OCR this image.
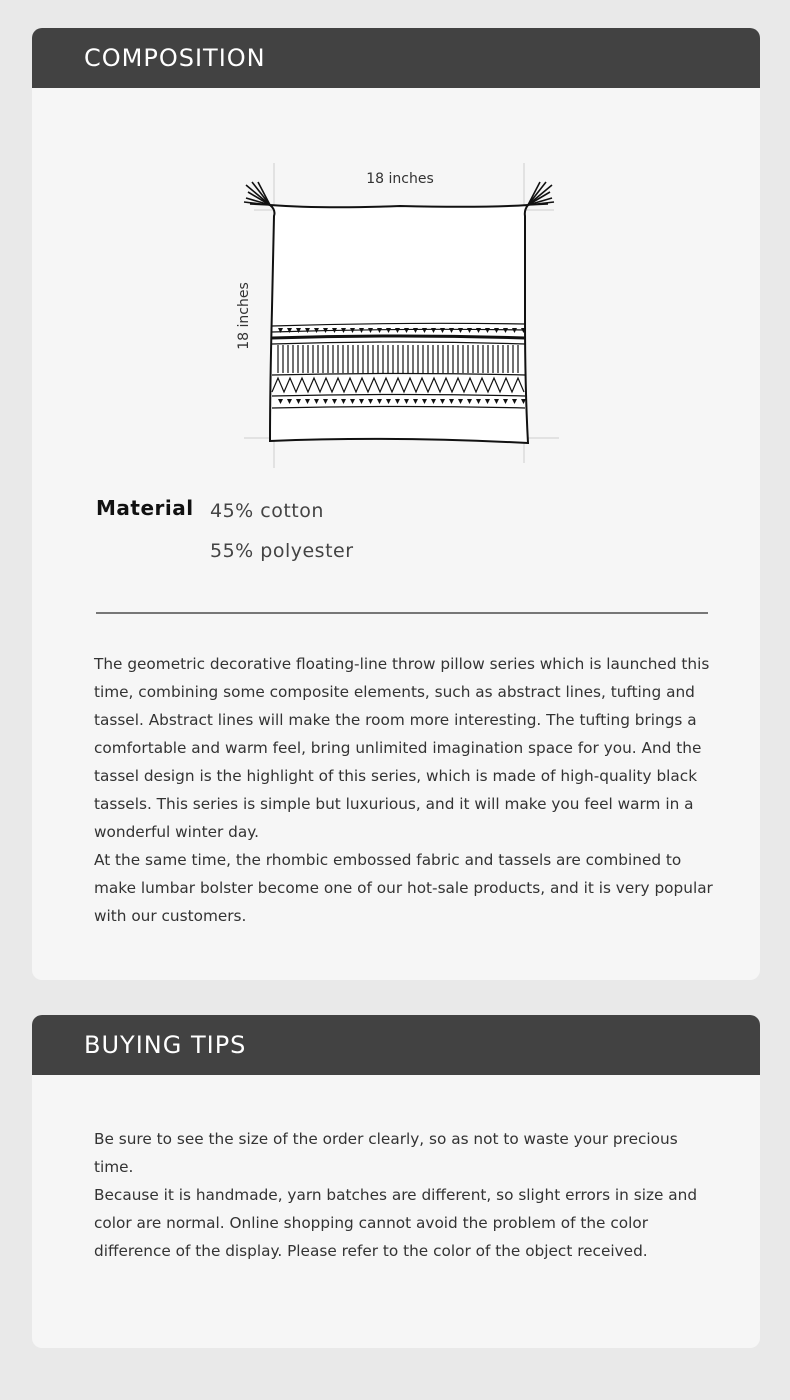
COMPOSITION
18 inches
18 inches
Material 45% cotton
55% polyester

The geometric decorative floating-line throw pillow series which is launched this time, combining some composite elements, such as abstract lines, tufting and tassel. Abstract lines will make the room more interesting. The tufting brings a comfortable and warm feel, bring unlimited imagination space for you. And the tassel design is the highlight of this series, which is made of high-quality black tassels. This series is simple but luxurious, and it will make you feel warm in a wonderful winter day.

At the same time, the rhombic embossed fabric and tassels are combined to make lumbar bolster become one of our hot-sale products, and it is very popular with our customers.

BUYING TIPS

Be sure to see the size of the order clearly, so as not to waste your precious time.

Because it is handmade, yarn batches are different, so slight errors in size and color are normal. Online shopping cannot avoid the problem of the color difference of the display. Please refer to the color of the object received.
